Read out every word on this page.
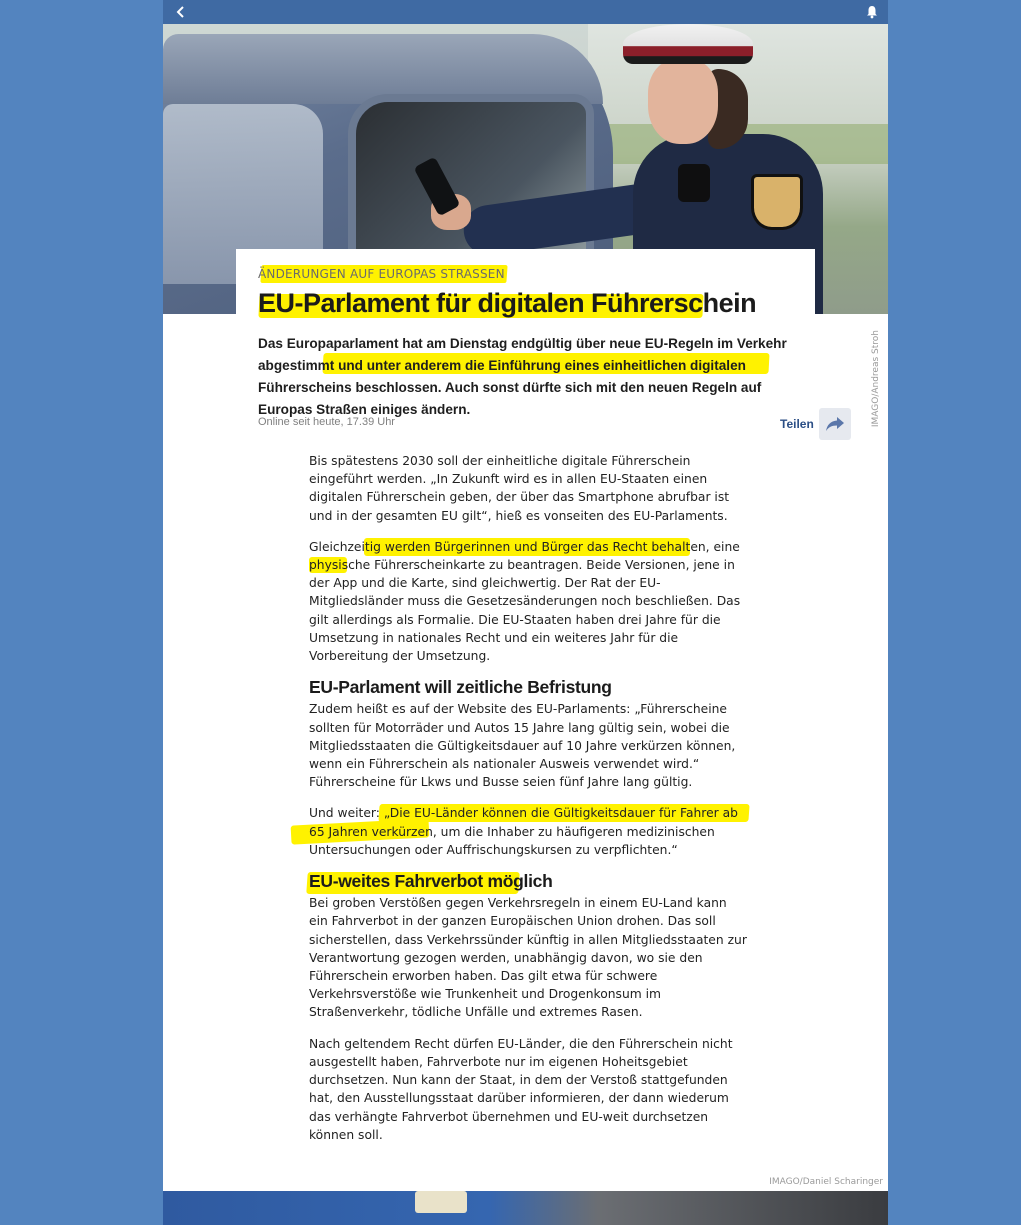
IMAGO/Andreas Stroh
ÄNDERUNGEN AUF EUROPAS STRASSEN
EU-Parlament für digitalen Führerschein
Das Europaparlament hat am Dienstag endgültig über neue EU-Regeln im Verkehr abgestimmt und unter anderem die Einführung eines einheitlichen digitalen Führerscheins beschlossen. Auch sonst dürfte sich mit den neuen Regeln auf Europas Straßen einiges ändern.
Online seit heute, 17.39 Uhr	Teilen

Bis spätestens 2030 soll der einheitliche digitale Führerschein eingeführt werden. „In Zukunft wird es in allen EU-Staaten einen digitalen Führerschein geben, der über das Smartphone abrufbar ist und in der gesamten EU gilt“, hieß es vonseiten des EU-Parlaments.

Gleichzeitig werden Bürgerinnen und Bürger das Recht behalten, eine physische Führerscheinkarte zu beantragen. Beide Versionen, jene in der App und die Karte, sind gleichwertig. Der Rat der EU-Mitgliedsländer muss die Gesetzesänderungen noch beschließen. Das gilt allerdings als Formalie. Die EU-Staaten haben drei Jahre für die Umsetzung in nationales Recht und ein weiteres Jahr für die Vorbereitung der Umsetzung.

EU-Parlament will zeitliche Befristung

Zudem heißt es auf der Website des EU-Parlaments: „Führerscheine sollten für Motorräder und Autos 15 Jahre lang gültig sein, wobei die Mitgliedsstaaten die Gültigkeitsdauer auf 10 Jahre verkürzen können, wenn ein Führerschein als nationaler Ausweis verwendet wird.“ Führerscheine für Lkws und Busse seien fünf Jahre lang gültig.

Und weiter: „Die EU-Länder können die Gültigkeitsdauer für Fahrer ab 65 Jahren verkürzen, um die Inhaber zu häufigeren medizinischen Untersuchungen oder Auffrischungskursen zu verpflichten.“

EU-weites Fahrverbot möglich

Bei groben Verstößen gegen Verkehrsregeln in einem EU-Land kann ein Fahrverbot in der ganzen Europäischen Union drohen. Das soll sicherstellen, dass Verkehrssünder künftig in allen Mitgliedsstaaten zur Verantwortung gezogen werden, unabhängig davon, wo sie den Führerschein erworben haben. Das gilt etwa für schwere Verkehrsverstöße wie Trunkenheit und Drogenkonsum im Straßenverkehr, tödliche Unfälle und extremes Rasen.

Nach geltendem Recht dürfen EU-Länder, die den Führerschein nicht ausgestellt haben, Fahrverbote nur im eigenen Hoheitsgebiet durchsetzen. Nun kann der Staat, in dem der Verstoß stattgefunden hat, den Ausstellungsstaat darüber informieren, der dann wiederum das verhängte Fahrverbot übernehmen und EU-weit durchsetzen können soll.

IMAGO/Daniel Scharinger
